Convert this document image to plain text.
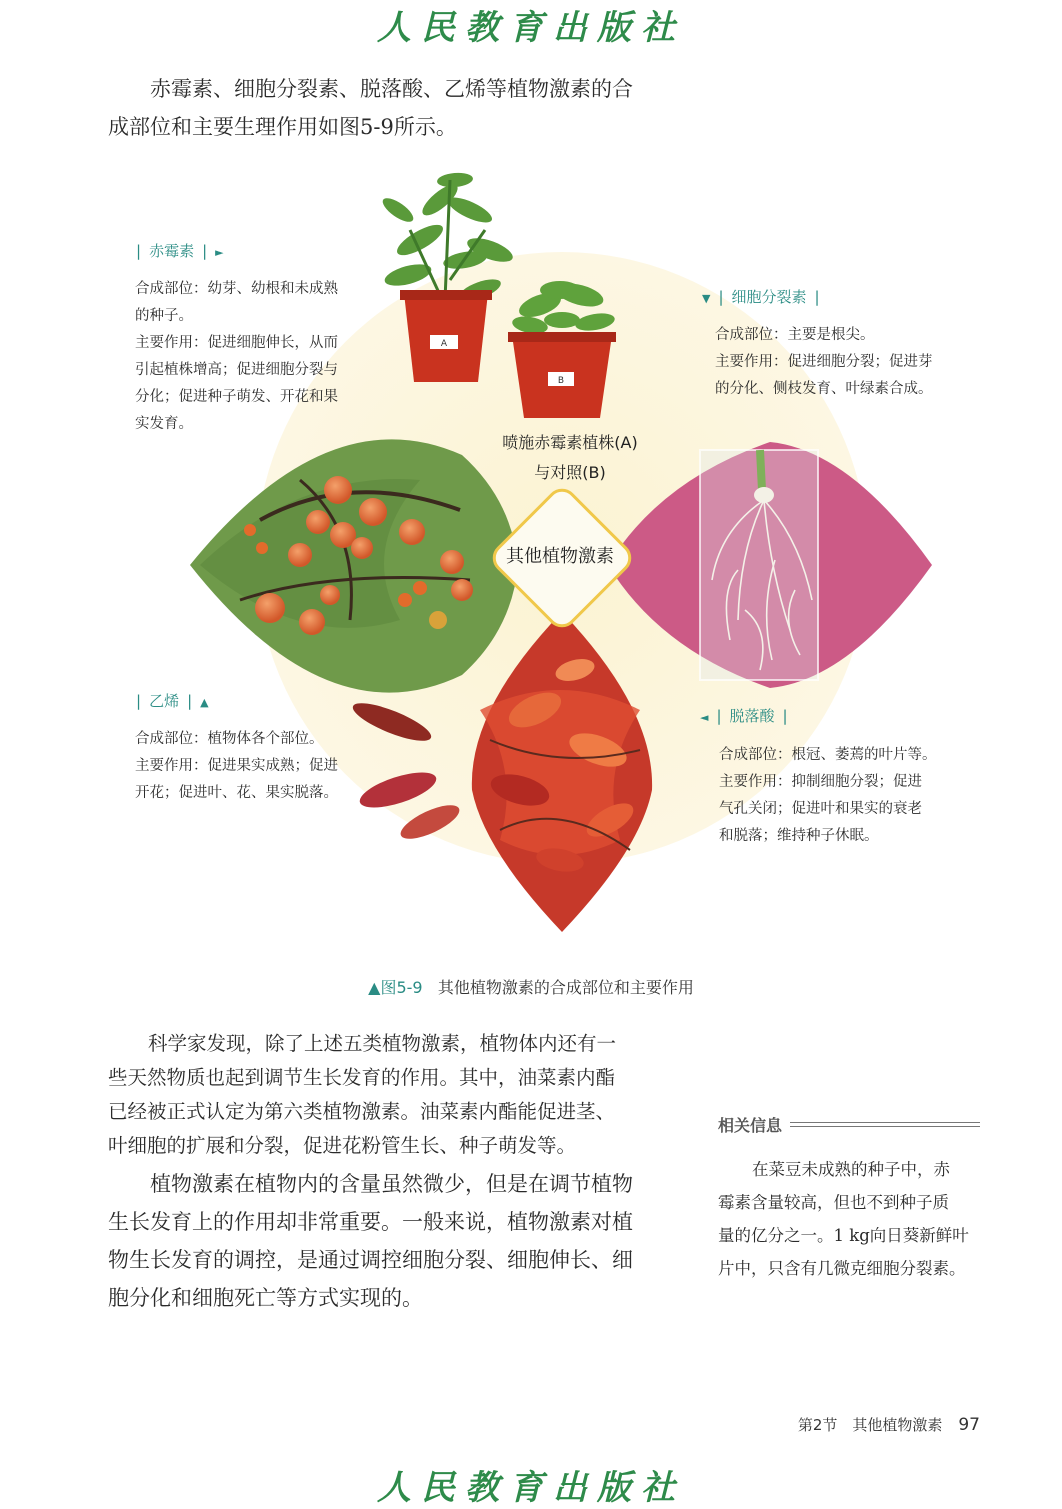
人民教育出版社
赤霉素、细胞分裂素、脱落酸、乙烯等植物激素的合
成部位和主要生理作用如图5-9所示。
A
B
喷施赤霉素植株(A)
与对照(B)
其他植物激素
| 赤霉素 | ►
合成部位：幼芽、幼根和未成熟
的种子。
主要作用：促进细胞伸长，从而
引起植株增高；促进细胞分裂与
分化；促进种子萌发、开花和果
实发育。
▼ | 细胞分裂素 |
合成部位：主要是根尖。
主要作用：促进细胞分裂；促进芽
的分化、侧枝发育、叶绿素合成。
| 乙烯 | ▲
合成部位：植物体各个部位。
主要作用：促进果实成熟；促进
开花；促进叶、花、果实脱落。
◄ | 脱落酸 |
合成部位：根冠、萎蔫的叶片等。
主要作用：抑制细胞分裂；促进
气孔关闭；促进叶和果实的衰老
和脱落；维持种子休眠。
▲图5-9 其他植物激素的合成部位和主要作用
科学家发现，除了上述五类植物激素，植物体内还有一
些天然物质也起到调节生长发育的作用。其中，油菜素内酯
已经被正式认定为第六类植物激素。油菜素内酯能促进茎、
叶细胞的扩展和分裂，促进花粉管生长、种子萌发等。
植物激素在植物内的含量虽然微少，但是在调节植物
生长发育上的作用却非常重要。一般来说，植物激素对植
物生长发育的调控，是通过调控细胞分裂、细胞伸长、细
胞分化和细胞死亡等方式实现的。
相关信息
在菜豆未成熟的种子中，赤
霉素含量较高，但也不到种子质
量的亿分之一。1 kg向日葵新鲜叶
片中，只含有几微克细胞分裂素。
第2节　其他植物激素 97
人民教育出版社
